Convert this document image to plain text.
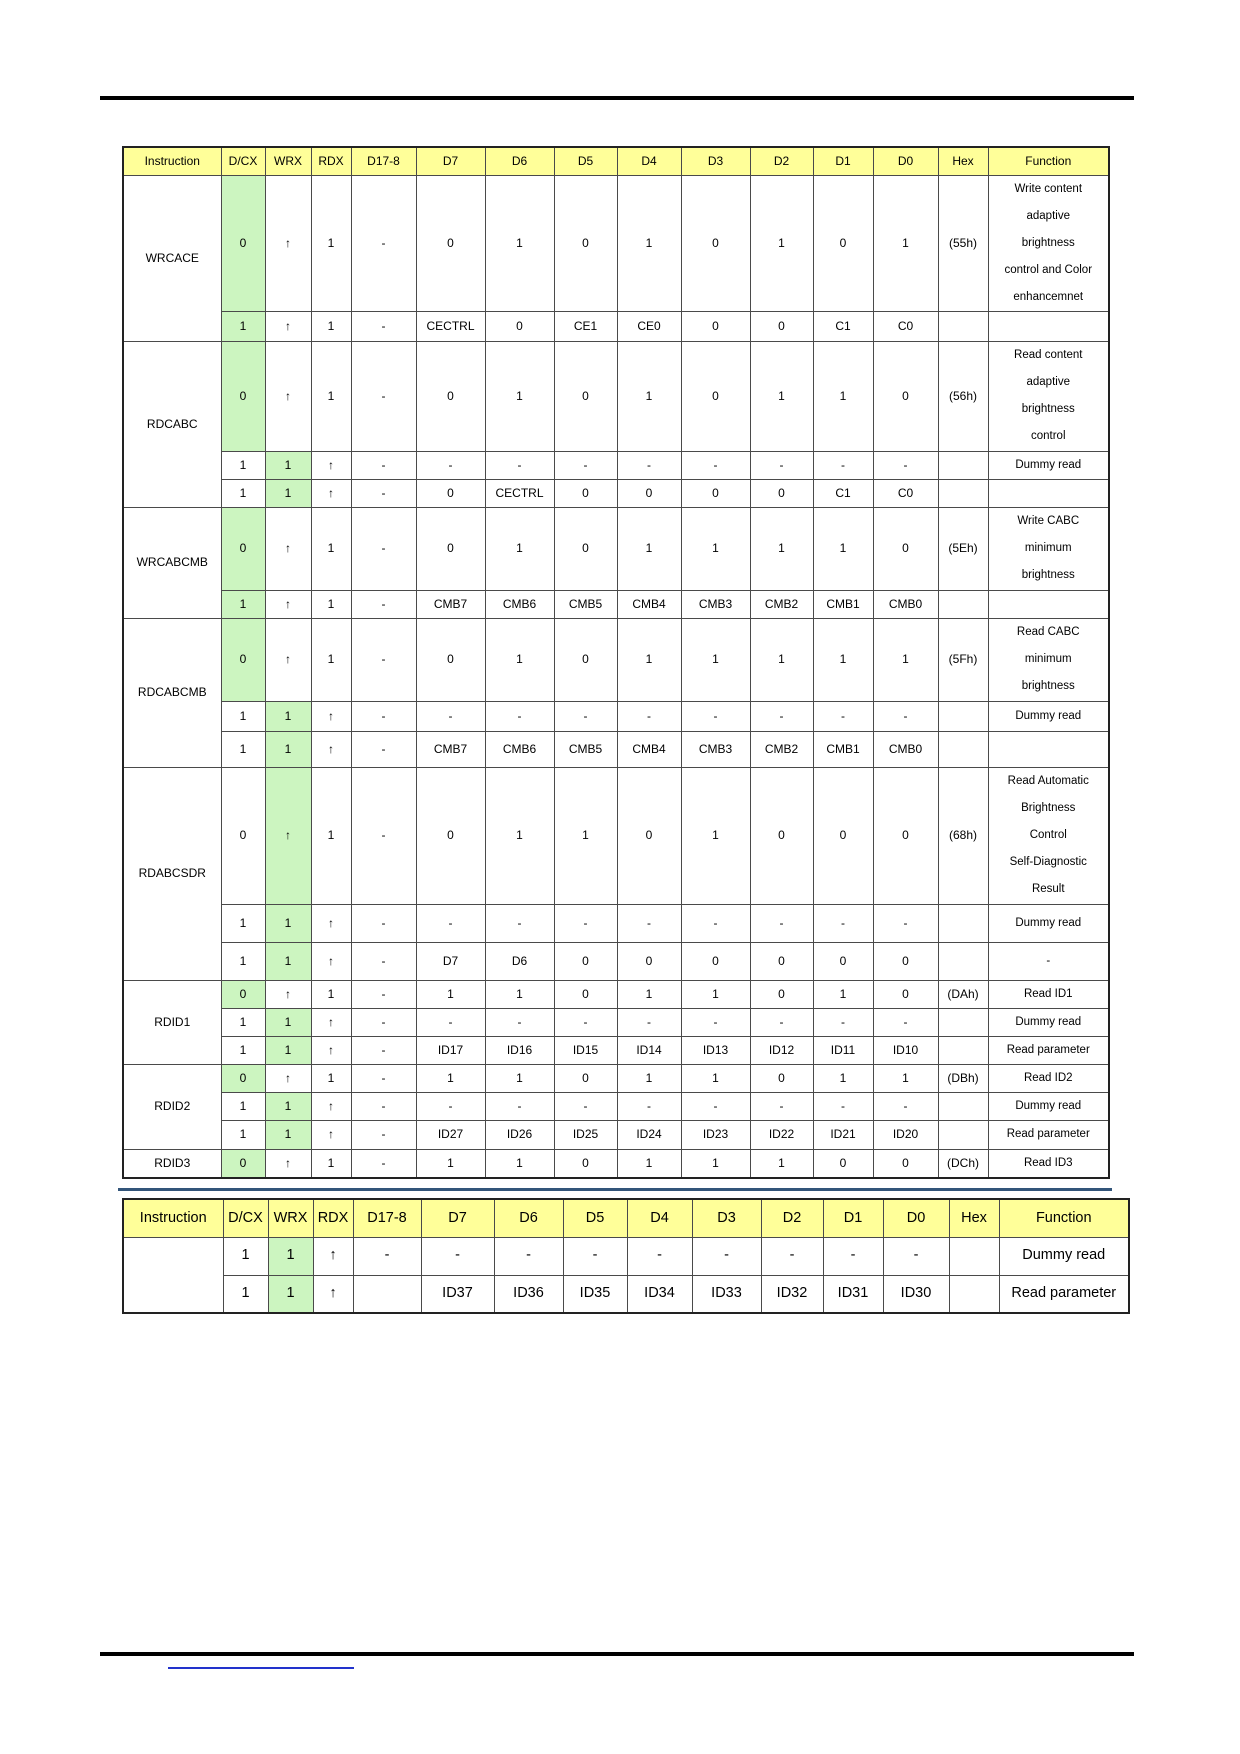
Instruction	D/CX	WRX	RDX	D17-8	D7	D6	D5	D4	D3	D2	D1	D0	Hex	Function
WRCACE	0	↑	1	-	0	1	0	1	0	1	0	1	(55h)	Write content
adaptive
brightness
control and Color
enhancemnet

	1	↑	1	-	CECTRL	0	CE1	CE0	0	0	C1	C0		
RDCABC	0	↑	1	-	0	1	0	1	0	1	1	0	(56h)	Read content
adaptive
brightness
control

	1	1	↑	-	-	-	-	-	-	-	-	-		Dummy read

	1	1	↑	-	0	CECTRL	0	0	0	0	C1	C0		
WRCABCMB	0	↑	1	-	0	1	0	1	1	1	1	0	(5Eh)	Write CABC
minimum
brightness

	1	↑	1	-	CMB7	CMB6	CMB5	CMB4	CMB3	CMB2	CMB1	CMB0		
RDCABCMB	0	↑	1	-	0	1	0	1	1	1	1	1	(5Fh)	Read CABC
minimum
brightness

	1	1	↑	-	-	-	-	-	-	-	-	-		Dummy read

	1	1	↑	-	CMB7	CMB6	CMB5	CMB4	CMB3	CMB2	CMB1	CMB0		
RDABCSDR	0	↑	1	-	0	1	1	0	1	0	0	0	(68h)	Read Automatic
Brightness
Control
Self-Diagnostic
Result

	1	1	↑	-	-	-	-	-	-	-	-	-		Dummy read

	1	1	↑	-	D7	D6	0	0	0	0	0	0		-

RDID1	0	↑	1	-	1	1	0	1	1	0	1	0	(DAh)	Read ID1

	1	1	↑	-	-	-	-	-	-	-	-	-		Dummy read

	1	1	↑	-	ID17	ID16	ID15	ID14	ID13	ID12	ID11	ID10		Read parameter

RDID2	0	↑	1	-	1	1	0	1	1	0	1	1	(DBh)	Read ID2

	1	1	↑	-	-	-	-	-	-	-	-	-		Dummy read

	1	1	↑	-	ID27	ID26	ID25	ID24	ID23	ID22	ID21	ID20		Read parameter

RDID3	0	↑	1	-	1	1	0	1	1	1	0	0	(DCh)	Read ID3
Instruction	D/CX	WRX	RDX	D17-8	D7	D6	D5	D4	D3	D2	D1	D0	Hex	Function
	1	1	↑	-	-	-	-	-	-	-	-	-		Dummy read

	1	1	↑		ID37	ID36	ID35	ID34	ID33	ID32	ID31	ID30		Read parameter
